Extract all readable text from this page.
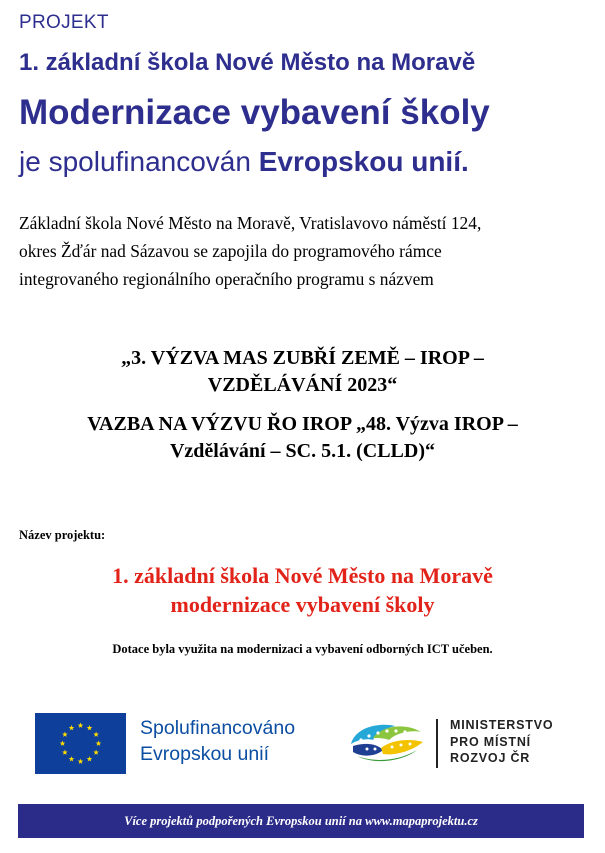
PROJEKT
1. základní škola Nové Město na Moravě
Modernizace vybavení školy
je spolufinancován Evropskou unií.
Základní škola Nové Město na Moravě, Vratislavovo náměstí 124,
okres Žďár nad Sázavou se zapojila do programového rámce
integrovaného regionálního operačního programu s názvem
„3. VÝZVA MAS ZUBŘÍ ZEMĚ – IROP –
VZDĚLÁVÁNÍ 2023“
VAZBA NA VÝZVU ŘO IROP „48. Výzva IROP –
Vzdělávání – SC. 5.1. (CLLD)“
Název projektu:
1. základní škola Nové Město na Moravě
modernizace vybavení školy
Dotace byla využita na modernizaci a vybavení odborných ICT učeben.
Spolufinancováno
Evropskou unií
MINISTERSTVO
PRO MÍSTNÍ
ROZVOJ ČR
Více projektů podpořených Evropskou unií na www.mapaprojektu.cz
